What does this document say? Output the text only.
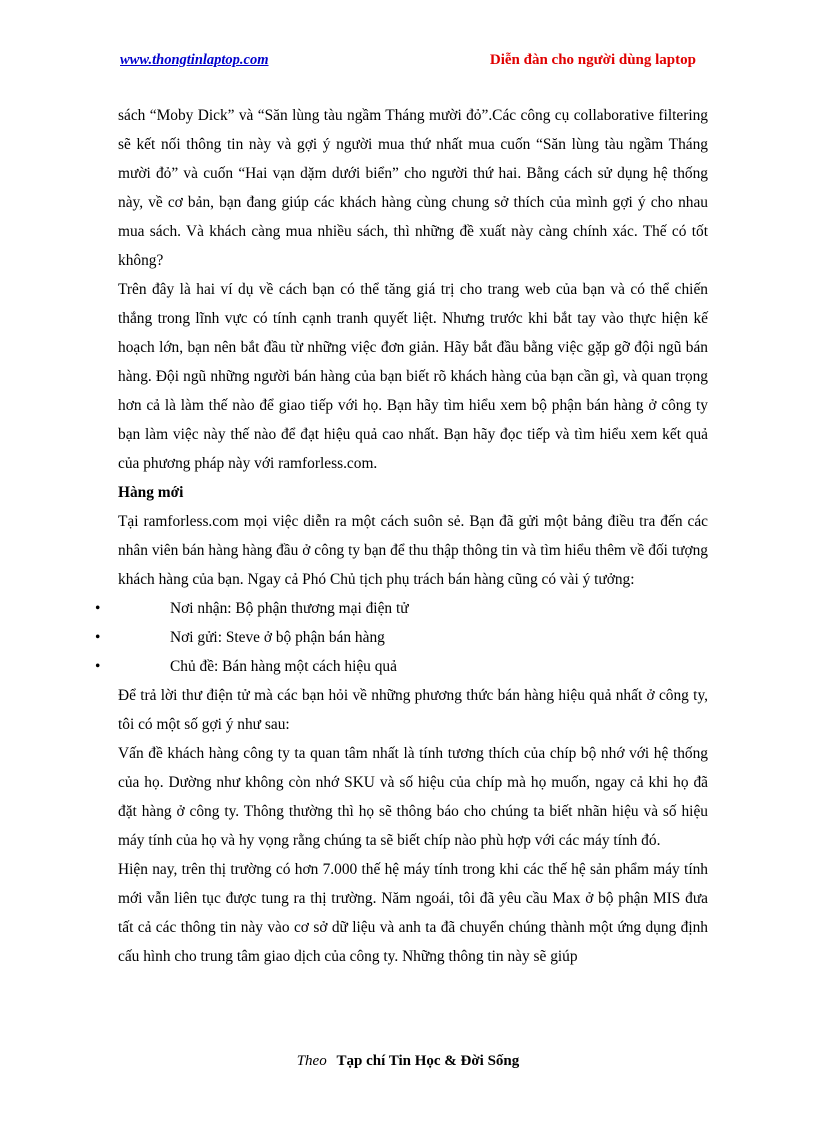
www.thongtinlaptop.com	Diễn đàn cho người dùng laptop

sách “Moby Dick” và “Săn lùng tàu ngầm Tháng mười đỏ”.Các công cụ collaborative filtering sẽ kết nối thông tin này và gợi ý người mua thứ nhất mua cuốn “Săn lùng tàu ngầm Tháng mười đỏ” và cuốn “Hai vạn dặm dưới biển” cho người thứ hai. Bằng cách sử dụng hệ thống này, về cơ bản, bạn đang giúp các khách hàng cùng chung sở thích của mình gợi ý cho nhau mua sách. Và khách càng mua nhiều sách, thì những đề xuất này càng chính xác. Thế có tốt không?

Trên đây là hai ví dụ về cách bạn có thể tăng giá trị cho trang web của bạn và có thể chiến thắng trong lĩnh vực có tính cạnh tranh quyết liệt. Nhưng trước khi bắt tay vào thực hiện kế hoạch lớn, bạn nên bắt đầu từ những việc đơn giản. Hãy bắt đầu bằng việc gặp gỡ đội ngũ bán hàng. Đội ngũ những người bán hàng của bạn biết rõ khách hàng của bạn cần gì, và quan trọng hơn cả là làm thế nào để giao tiếp với họ. Bạn hãy tìm hiểu xem bộ phận bán hàng ở công ty bạn làm việc này thế nào để đạt hiệu quả cao nhất. Bạn hãy đọc tiếp và tìm hiểu xem kết quả của phương pháp này với ramforless.com.

Hàng mới

Tại ramforless.com mọi việc diễn ra một cách suôn sẻ. Bạn đã gửi một bảng điều tra đến các nhân viên bán hàng hàng đầu ở công ty bạn để thu thập thông tin và tìm hiểu thêm về đối tượng khách hàng của bạn. Ngay cả Phó Chủ tịch phụ trách bán hàng cũng có vài ý tưởng:

•	Nơi nhận: Bộ phận thương mại điện tử
•	Nơi gửi: Steve ở bộ phận bán hàng
•	Chủ đề: Bán hàng một cách hiệu quả

Để trả lời thư điện tử mà các bạn hỏi về những phương thức bán hàng hiệu quả nhất ở công ty, tôi có một số gợi ý như sau:

Vấn đề khách hàng công ty ta quan tâm nhất là tính tương thích của chíp bộ nhớ với hệ thống của họ. Dường như không còn nhớ SKU và số hiệu của chíp mà họ muốn, ngay cả khi họ đã đặt hàng ở công ty. Thông thường thì họ sẽ thông báo cho chúng ta biết nhãn hiệu và số hiệu máy tính của họ và hy vọng rằng chúng ta sẽ biết chíp nào phù hợp với các máy tính đó.

Hiện nay, trên thị trường có hơn 7.000 thế hệ máy tính trong khi các thế hệ sản phẩm máy tính mới vẫn liên tục được tung ra thị trường. Năm ngoái, tôi đã yêu cầu Max ở bộ phận MIS đưa tất cả các thông tin này vào cơ sở dữ liệu và anh ta đã chuyển chúng thành một ứng dụng định cấu hình cho trung tâm giao dịch của công ty. Những thông tin này sẽ giúp

Theo Tạp chí Tin Học & Đời Sống
